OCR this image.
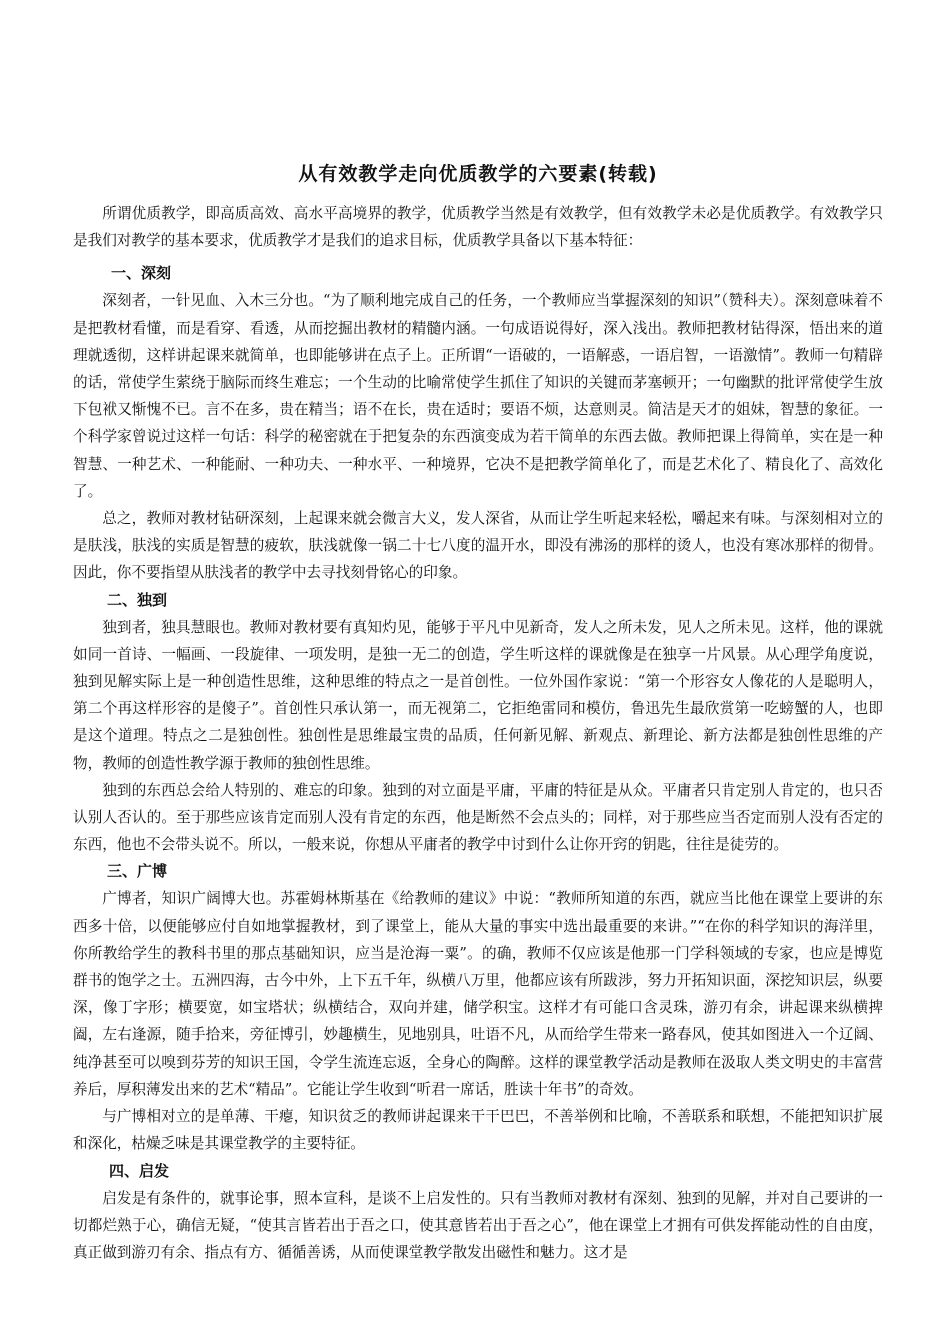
从有效教学走向优质教学的六要素(转载)

所谓优质教学，即高质高效、高水平高境界的教学，优质教学当然是有效教学，但有效教学未必是优质教学。有效教学只是我们对教学的基本要求，优质教学才是我们的追求目标，优质教学具备以下基本特征：

一、深刻

深刻者，一针见血、入木三分也。“为了顺利地完成自己的任务，一个教师应当掌握深刻的知识”（赞科夫）。深刻意味着不是把教材看懂，而是看穿、看透，从而挖掘出教材的精髓内涵。一句成语说得好，深入浅出。教师把教材钻得深，悟出来的道理就透彻，这样讲起课来就简单，也即能够讲在点子上。正所谓“一语破的，一语解惑，一语启智，一语激情”。教师一句精辟的话，常使学生萦绕于脑际而终生难忘；一个生动的比喻常使学生抓住了知识的关键而茅塞顿开；一句幽默的批评常使学生放下包袱又惭愧不已。言不在多，贵在精当；语不在长，贵在适时；要语不烦，达意则灵。简洁是天才的姐妹，智慧的象征。一个科学家曾说过这样一句话：科学的秘密就在于把复杂的东西演变成为若干简单的东西去做。教师把课上得简单，实在是一种智慧、一种艺术、一种能耐、一种功夫、一种水平、一种境界，它决不是把教学简单化了，而是艺术化了、精良化了、高效化了。

总之，教师对教材钻研深刻，上起课来就会微言大义，发人深省，从而让学生听起来轻松，嚼起来有味。与深刻相对立的是肤浅，肤浅的实质是智慧的疲软，肤浅就像一锅二十七八度的温开水，即没有沸汤的那样的烫人，也没有寒冰那样的彻骨。因此，你不要指望从肤浅者的教学中去寻找刻骨铭心的印象。

二、独到

独到者，独具慧眼也。教师对教材要有真知灼见，能够于平凡中见新奇，发人之所未发，见人之所未见。这样，他的课就如同一首诗、一幅画、一段旋律、一项发明，是独一无二的创造，学生听这样的课就像是在独享一片风景。从心理学角度说，独到见解实际上是一种创造性思维，这种思维的特点之一是首创性。一位外国作家说：“第一个形容女人像花的人是聪明人，第二个再这样形容的是傻子”。首创性只承认第一，而无视第二，它拒绝雷同和模仿，鲁迅先生最欣赏第一吃螃蟹的人，也即是这个道理。特点之二是独创性。独创性是思维最宝贵的品质，任何新见解、新观点、新理论、新方法都是独创性思维的产物，教师的创造性教学源于教师的独创性思维。

独到的东西总会给人特别的、难忘的印象。独到的对立面是平庸，平庸的特征是从众。平庸者只肯定别人肯定的，也只否认别人否认的。至于那些应该肯定而别人没有肯定的东西，他是断然不会点头的；同样，对于那些应当否定而别人没有否定的东西，他也不会带头说不。所以，一般来说，你想从平庸者的教学中讨到什么让你开窍的钥匙，往往是徒劳的。

三、广博

广博者，知识广阔博大也。苏霍姆林斯基在《给教师的建议》中说：“教师所知道的东西，就应当比他在课堂上要讲的东西多十倍，以便能够应付自如地掌握教材，到了课堂上，能从大量的事实中选出最重要的来讲。”“在你的科学知识的海洋里，你所教给学生的教科书里的那点基础知识，应当是沧海一粟”。的确，教师不仅应该是他那一门学科领域的专家，也应是博览群书的饱学之士。五洲四海，古今中外，上下五千年，纵横八万里，他都应该有所跋涉，努力开拓知识面，深挖知识层，纵要深，像丁字形；横要宽，如宝塔状；纵横结合，双向并建，储学积宝。这样才有可能口含灵珠，游刃有余，讲起课来纵横捭阖，左右逢源，随手拾来，旁征博引，妙趣横生，见地别具，吐语不凡，从而给学生带来一路春风，使其如图进入一个辽阔、纯净甚至可以嗅到芬芳的知识王国，令学生流连忘返，全身心的陶醉。这样的课堂教学活动是教师在汲取人类文明史的丰富营养后，厚积薄发出来的艺术“精品”。它能让学生收到“听君一席话，胜读十年书”的奇效。

与广博相对立的是单薄、干瘪，知识贫乏的教师讲起课来干干巴巴，不善举例和比喻，不善联系和联想，不能把知识扩展和深化，枯燥乏味是其课堂教学的主要特征。

四、启发

启发是有条件的，就事论事，照本宣科，是谈不上启发性的。只有当教师对教材有深刻、独到的见解，并对自己要讲的一切都烂熟于心，确信无疑，“使其言皆若出于吾之口，使其意皆若出于吾之心”，他在课堂上才拥有可供发挥能动性的自由度，真正做到游刃有余、指点有方、循循善诱，从而使课堂教学散发出磁性和魅力。这才是
